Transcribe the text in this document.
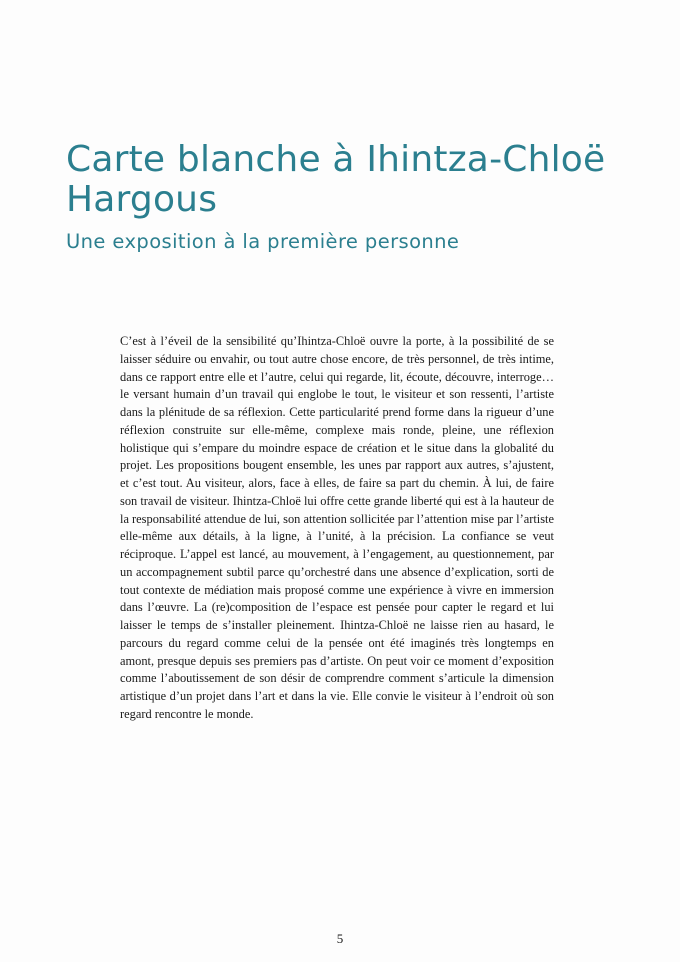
Carte blanche à Ihintza-Chloë Hargous
Une exposition à la première personne

C’est à l’éveil de la sensibilité qu’Ihintza-Chloë ouvre la porte, à la possibilité de se laisser séduire ou envahir, ou tout autre chose encore, de très personnel, de très intime, dans ce rapport entre elle et l’autre, celui qui regarde, lit, écoute, découvre, interroge… le versant humain d’un travail qui englobe le tout, le visiteur et son ressenti, l’artiste dans la plénitude de sa réflexion. Cette particularité prend forme dans la rigueur d’une réflexion construite sur elle-même, complexe mais ronde, pleine, une réflexion holistique qui s’empare du moindre espace de création et le situe dans la globalité du projet. Les propositions bougent ensemble, les unes par rapport aux autres, s’ajustent, et c’est tout. Au visiteur, alors, face à elles, de faire sa part du chemin. À lui, de faire son travail de visiteur. Ihintza-Chloë lui offre cette grande liberté qui est à la hauteur de la responsabilité attendue de lui, son attention sollicitée par l’attention mise par l’artiste elle-même aux détails, à la ligne, à l’unité, à la précision. La confiance se veut réciproque. L’appel est lancé, au mouvement, à l’engagement, au questionnement, par un accompagnement subtil parce qu’orchestré dans une absence d’explication, sorti de tout contexte de médiation mais proposé comme une expérience à vivre en immersion dans l’œuvre. La (re)composition de l’espace est pensée pour capter le regard et lui laisser le temps de s’installer pleinement. Ihintza-Chloë ne laisse rien au hasard, le parcours du regard comme celui de la pensée ont été imaginés très longtemps en amont, presque depuis ses premiers pas d’artiste. On peut voir ce moment d’exposition comme l’aboutissement de son désir de comprendre comment s’articule la dimension artistique d’un projet dans l’art et dans la vie. Elle convie le visiteur à l’endroit où son regard rencontre le monde.

5
